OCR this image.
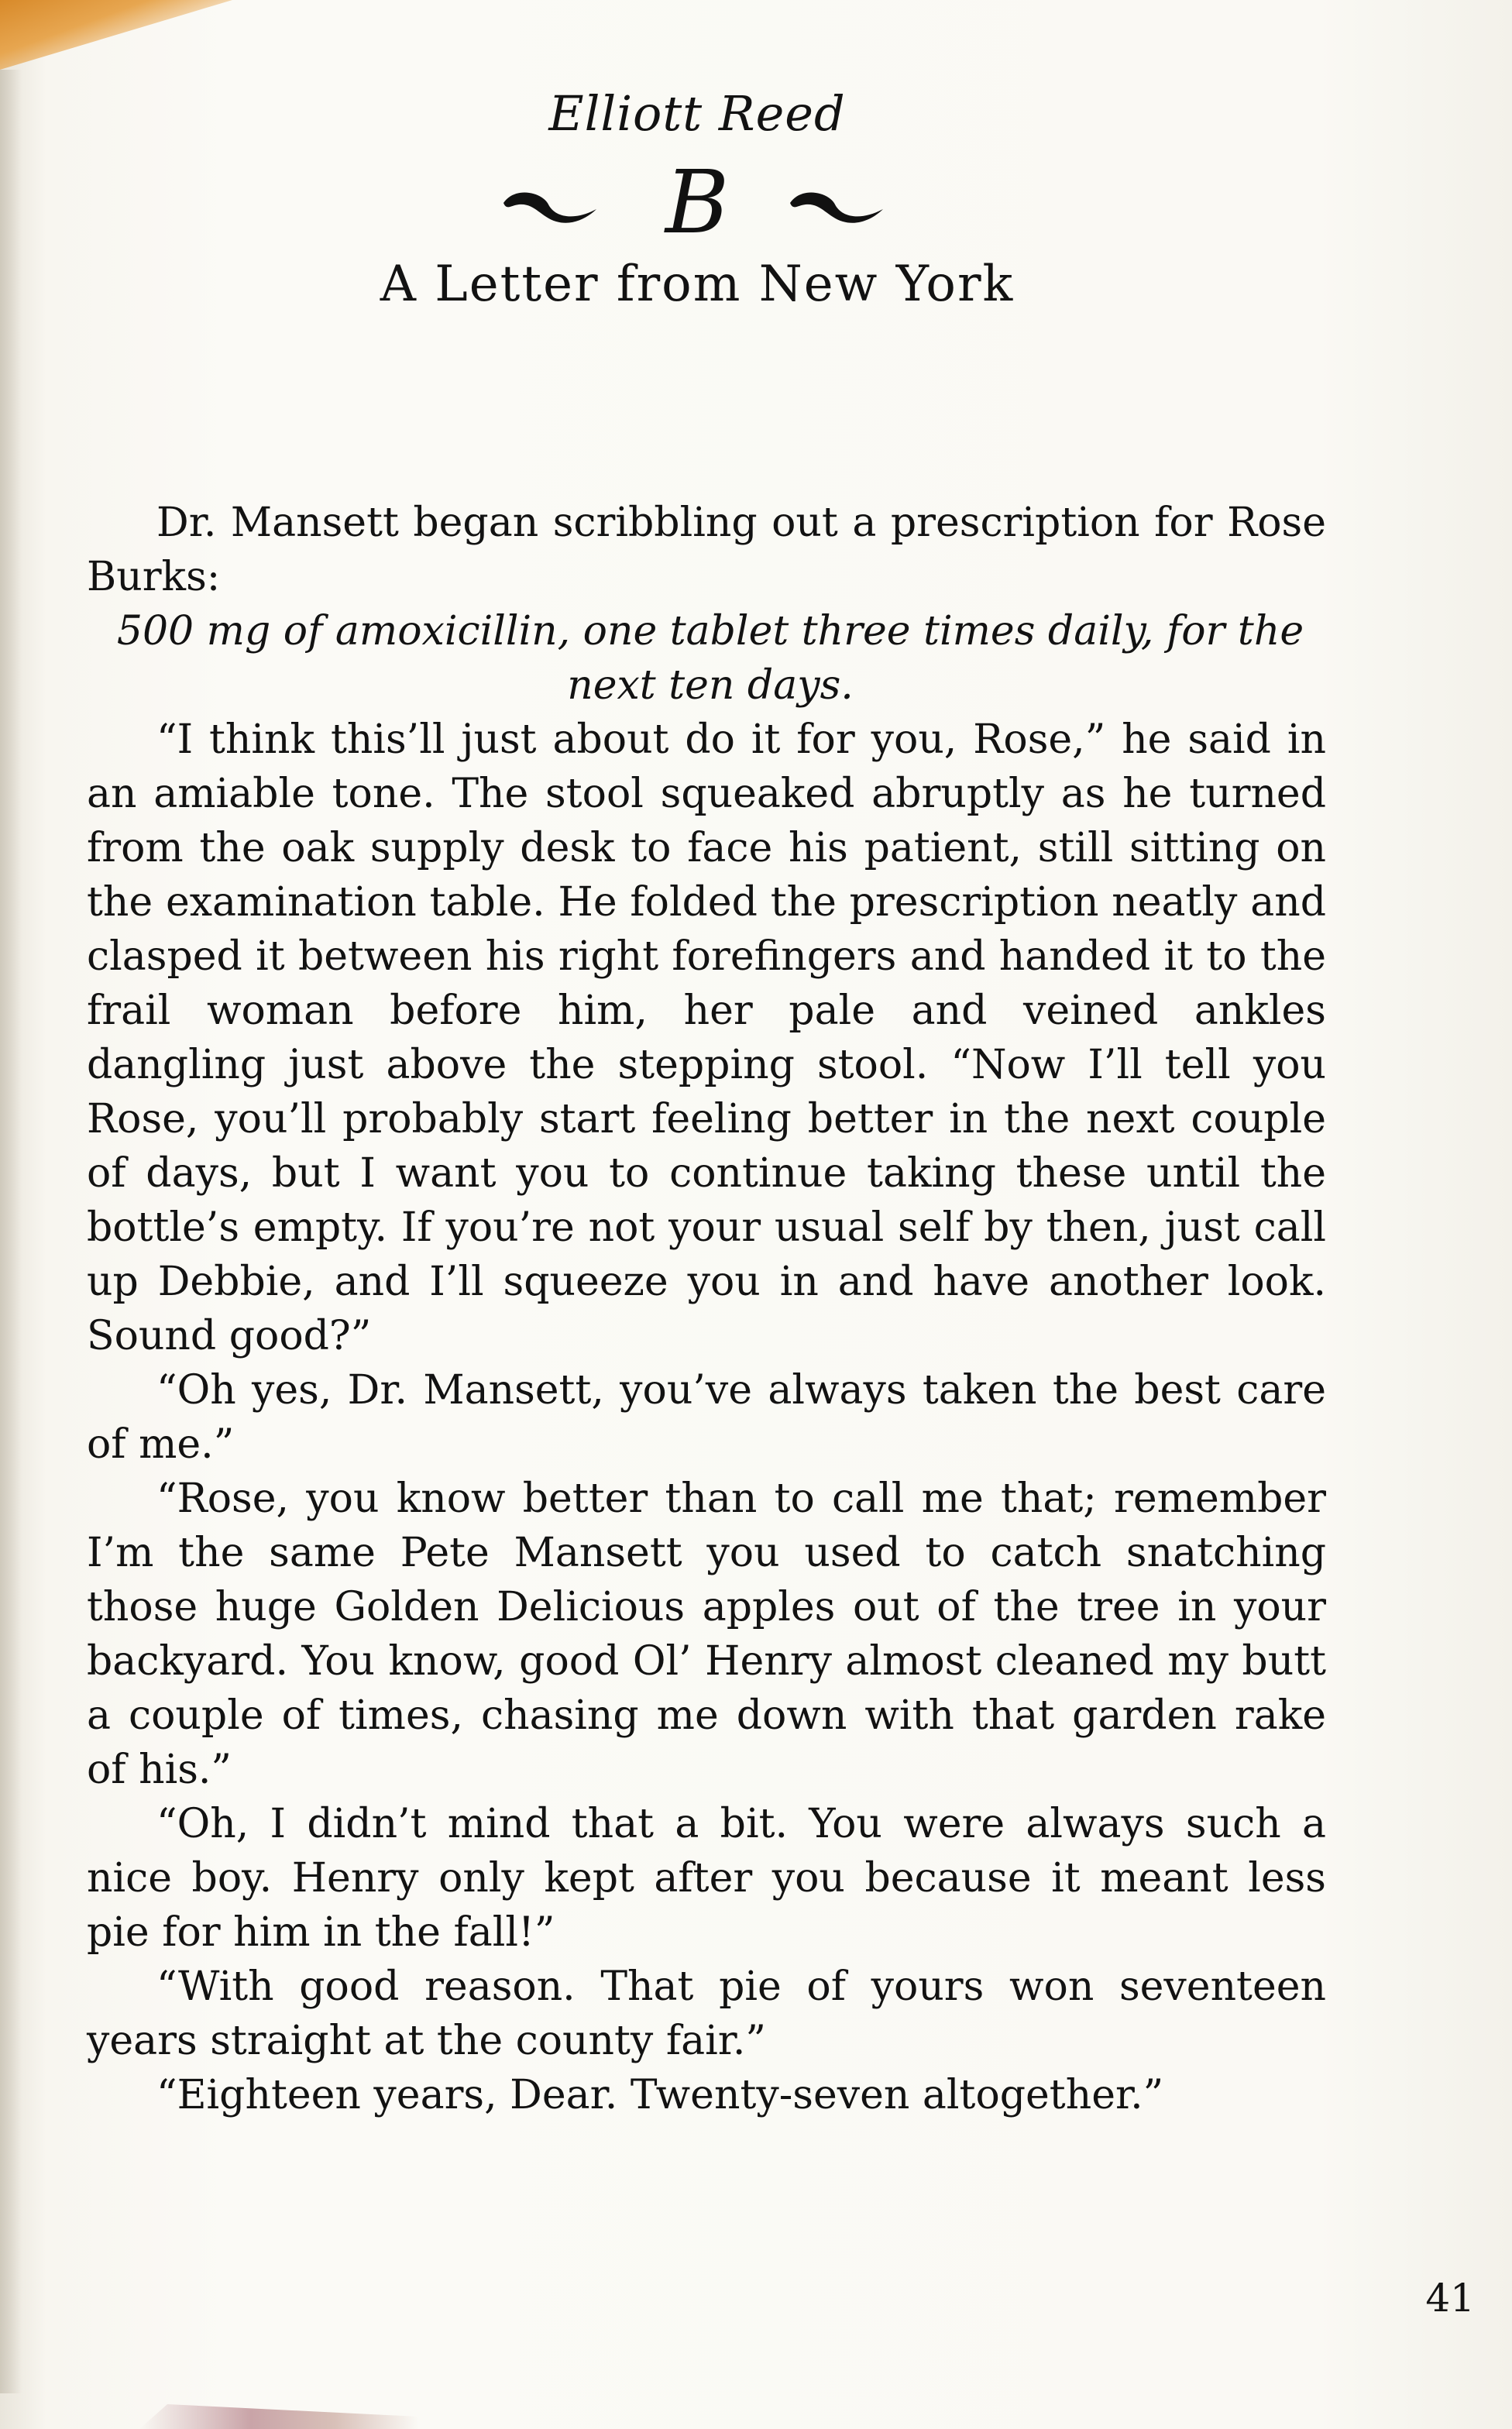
Elliott Reed
B
A Letter from New York

Dr. Mansett began scribbling out a prescription for Rose Burks:

500 mg of amoxicillin, one tablet three times daily, for the next ten days.

“I think this’ll just about do it for you, Rose,” he said in an amiable tone. The stool squeaked abruptly as he turned from the oak supply desk to face his patient, still sitting on the examination table. He folded the prescription neatly and clasped it between his right forefingers and handed it to the frail woman before him, her pale and veined ankles dangling just above the stepping stool. “Now I’ll tell you Rose, you’ll probably start feeling better in the next couple of days, but I want you to continue taking these until the bottle’s empty. If you’re not your usual self by then, just call up Debbie, and I’ll squeeze you in and have another look. Sound good?”

“Oh yes, Dr. Mansett, you’ve always taken the best care of me.”

“Rose, you know better than to call me that; remember I’m the same Pete Mansett you used to catch snatching those huge Golden Delicious apples out of the tree in your backyard. You know, good Ol’ Henry almost cleaned my butt a couple of times, chasing me down with that garden rake of his.”

“Oh, I didn’t mind that a bit. You were always such a nice boy. Henry only kept after you because it meant less pie for him in the fall!”

“With good reason. That pie of yours won seventeen years straight at the county fair.”

“Eighteen years, Dear. Twenty-seven altogether.”

41
